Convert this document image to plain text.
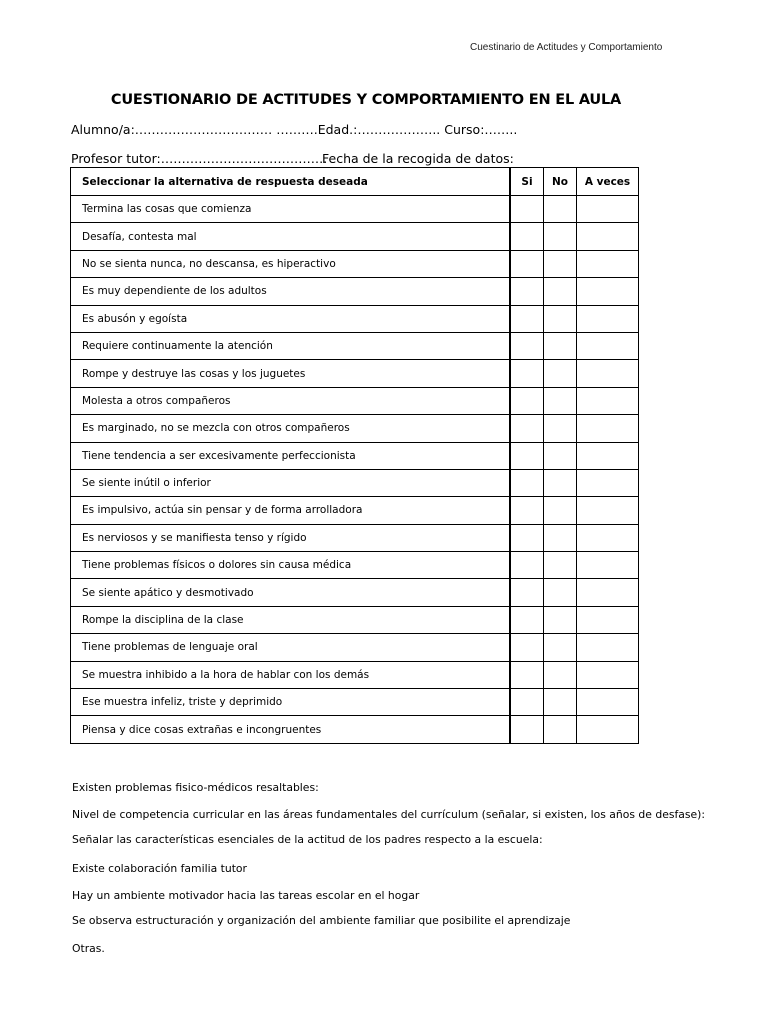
Cuestinario de Actitudes y Comportamiento
CUESTIONARIO DE ACTITUDES Y COMPORTAMIENTO EN EL AULA
Alumno/a:…………………………… ……….Edad.:……………….. Curso:……..
Profesor tutor:………………………………….
Fecha de la recogida de datos:
Seleccionar la alternativa de respuesta deseada	Si	No	A veces
Termina las cosas que comienza			
Desafía, contesta mal			
No se sienta nunca, no descansa, es hiperactivo			
Es muy dependiente de los adultos			
Es abusón y egoísta			
Requiere continuamente la atención			
Rompe y destruye las cosas y los juguetes			
Molesta a otros compañeros			
Es marginado, no se mezcla con otros compañeros			
Tiene tendencia a ser excesivamente perfeccionista			
Se siente inútil o inferior			
Es impulsivo, actúa sin pensar y de forma arrolladora			
Es nerviosos y se manifiesta tenso y rígido			
Tiene problemas físicos o dolores sin causa médica			
Se siente apático y desmotivado			
Rompe la disciplina de la clase			
Tiene problemas de lenguaje oral			
Se muestra inhibido a la hora de hablar con los demás			
Ese muestra infeliz, triste y deprimido			
Piensa y dice cosas extrañas e incongruentes			
Existen problemas fisico-médicos resaltables:
Nivel de competencia curricular en las áreas fundamentales del currículum (señalar, si existen, los años de desfase):
Señalar las características esenciales de la actitud de los padres respecto a la escuela:
Existe colaboración familia tutor
Hay un ambiente motivador hacia las tareas escolar en el hogar
Se observa estructuración y organización del ambiente familiar que posibilite el aprendizaje
Otras.
